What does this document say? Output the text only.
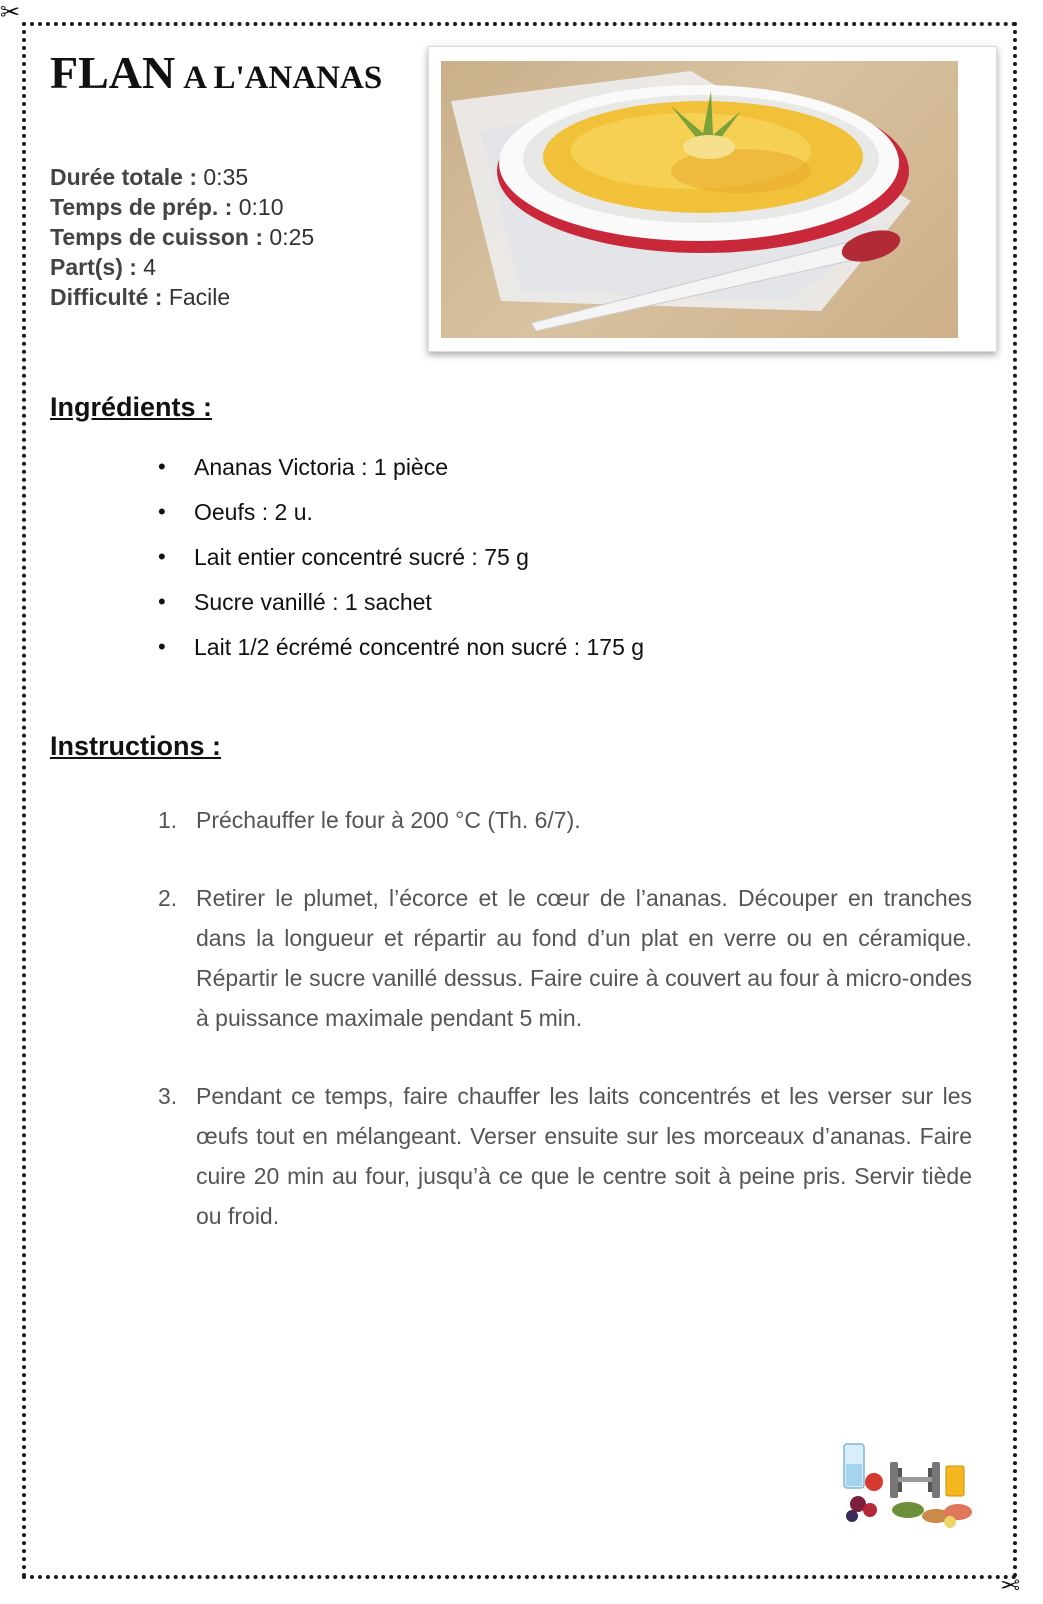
✂
✂
FLAN A L'ANANAS
Durée totale : 0:35
Temps de prép. : 0:10
Temps de cuisson : 0:25
Part(s) : 4
Difficulté : Facile
Ingrédients :
• Ananas Victoria : 1 pièce
• Oeufs : 2 u.
• Lait entier concentré sucré : 75 g
• Sucre vanillé : 1 sachet
• Lait 1/2 écrémé concentré non sucré : 175 g
Instructions :
1. Préchauffer le four à 200 °C (Th. 6/7).
2. Retirer le plumet, l’écorce et le cœur de l’ananas. Découper en tranches dans la longueur et répartir au fond d’un plat en verre ou en céramique. Répartir le sucre vanillé dessus. Faire cuire à couvert au four à micro-ondes à puissance maximale pendant 5 min.
3. Pendant ce temps, faire chauffer les laits concentrés et les verser sur les œufs tout en mélangeant. Verser ensuite sur les morceaux d’ananas. Faire cuire 20 min au four, jusqu’à ce que le centre soit à peine pris. Servir tiède ou froid.
